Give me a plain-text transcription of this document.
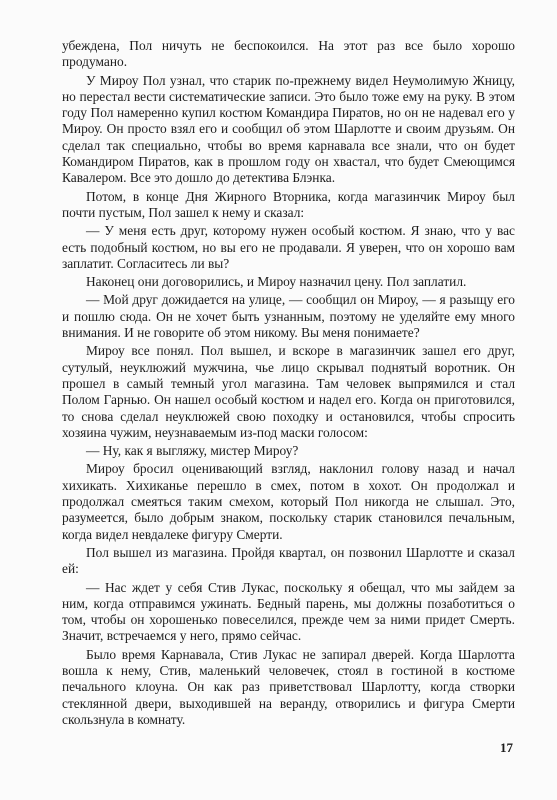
убеждена, Пол ничуть не беспокоился. На этот раз все было хорошо продумано.

У Мироу Пол узнал, что старик по-прежнему видел Неумолимую Жницу, но перестал вести систематические записи. Это было тоже ему на руку. В этом году Пол намеренно купил костюм Командира Пиратов, но он не надевал его у Мироу. Он просто взял его и сообщил об этом Шарлотте и своим друзьям. Он сделал так специально, чтобы во время карнавала все знали, что он будет Командиром Пиратов, как в прошлом году он хвастал, что будет Смеющимся Кавалером. Все это дошло до детектива Блэнка.

Потом, в конце Дня Жирного Вторника, когда магазинчик Мироу был почти пустым, Пол зашел к нему и сказал:

— У меня есть друг, которому нужен особый костюм. Я знаю, что у вас есть подобный костюм, но вы его не продавали. Я уверен, что он хорошо вам заплатит. Согласитесь ли вы?

Наконец они договорились, и Мироу назначил цену. Пол заплатил.

— Мой друг дожидается на улице, — сообщил он Мироу, — я разыщу его и пошлю сюда. Он не хочет быть узнанным, поэтому не уделяйте ему много внимания. И не говорите об этом никому. Вы меня понимаете?

Мироу все понял. Пол вышел, и вскоре в магазинчик зашел его друг, сутулый, неуклюжий мужчина, чье лицо скрывал поднятый воротник. Он прошел в самый темный угол магазина. Там человек выпрямился и стал Полом Гарнью. Он нашел особый костюм и надел его. Когда он приготовился, то снова сделал неуклюжей свою походку и остановился, чтобы спросить хозяина чужим, неузнаваемым из-под маски голосом:

— Ну, как я выгляжу, мистер Мироу?

Мироу бросил оценивающий взгляд, наклонил голову назад и начал хихикать. Хихиканье перешло в смех, потом в хохот. Он продолжал и продолжал смеяться таким смехом, который Пол никогда не слышал. Это, разумеется, было добрым знаком, поскольку старик становился печальным, когда видел невдалеке фигуру Смерти.

Пол вышел из магазина. Пройдя квартал, он позвонил Шарлотте и сказал ей:

— Нас ждет у себя Стив Лукас, поскольку я обещал, что мы зайдем за ним, когда отправимся ужинать. Бедный парень, мы должны позаботиться о том, чтобы он хорошенько повеселился, прежде чем за ними придет Смерть. Значит, встречаемся у него, прямо сейчас.

Было время Карнавала, Стив Лукас не запирал дверей. Когда Шарлотта вошла к нему, Стив, маленький человечек, стоял в гостиной в костюме печального клоуна. Он как раз приветствовал Шарлотту, когда створки стеклянной двери, выходившей на веранду, отворились и фигура Смерти скользнула в комнату.

17
